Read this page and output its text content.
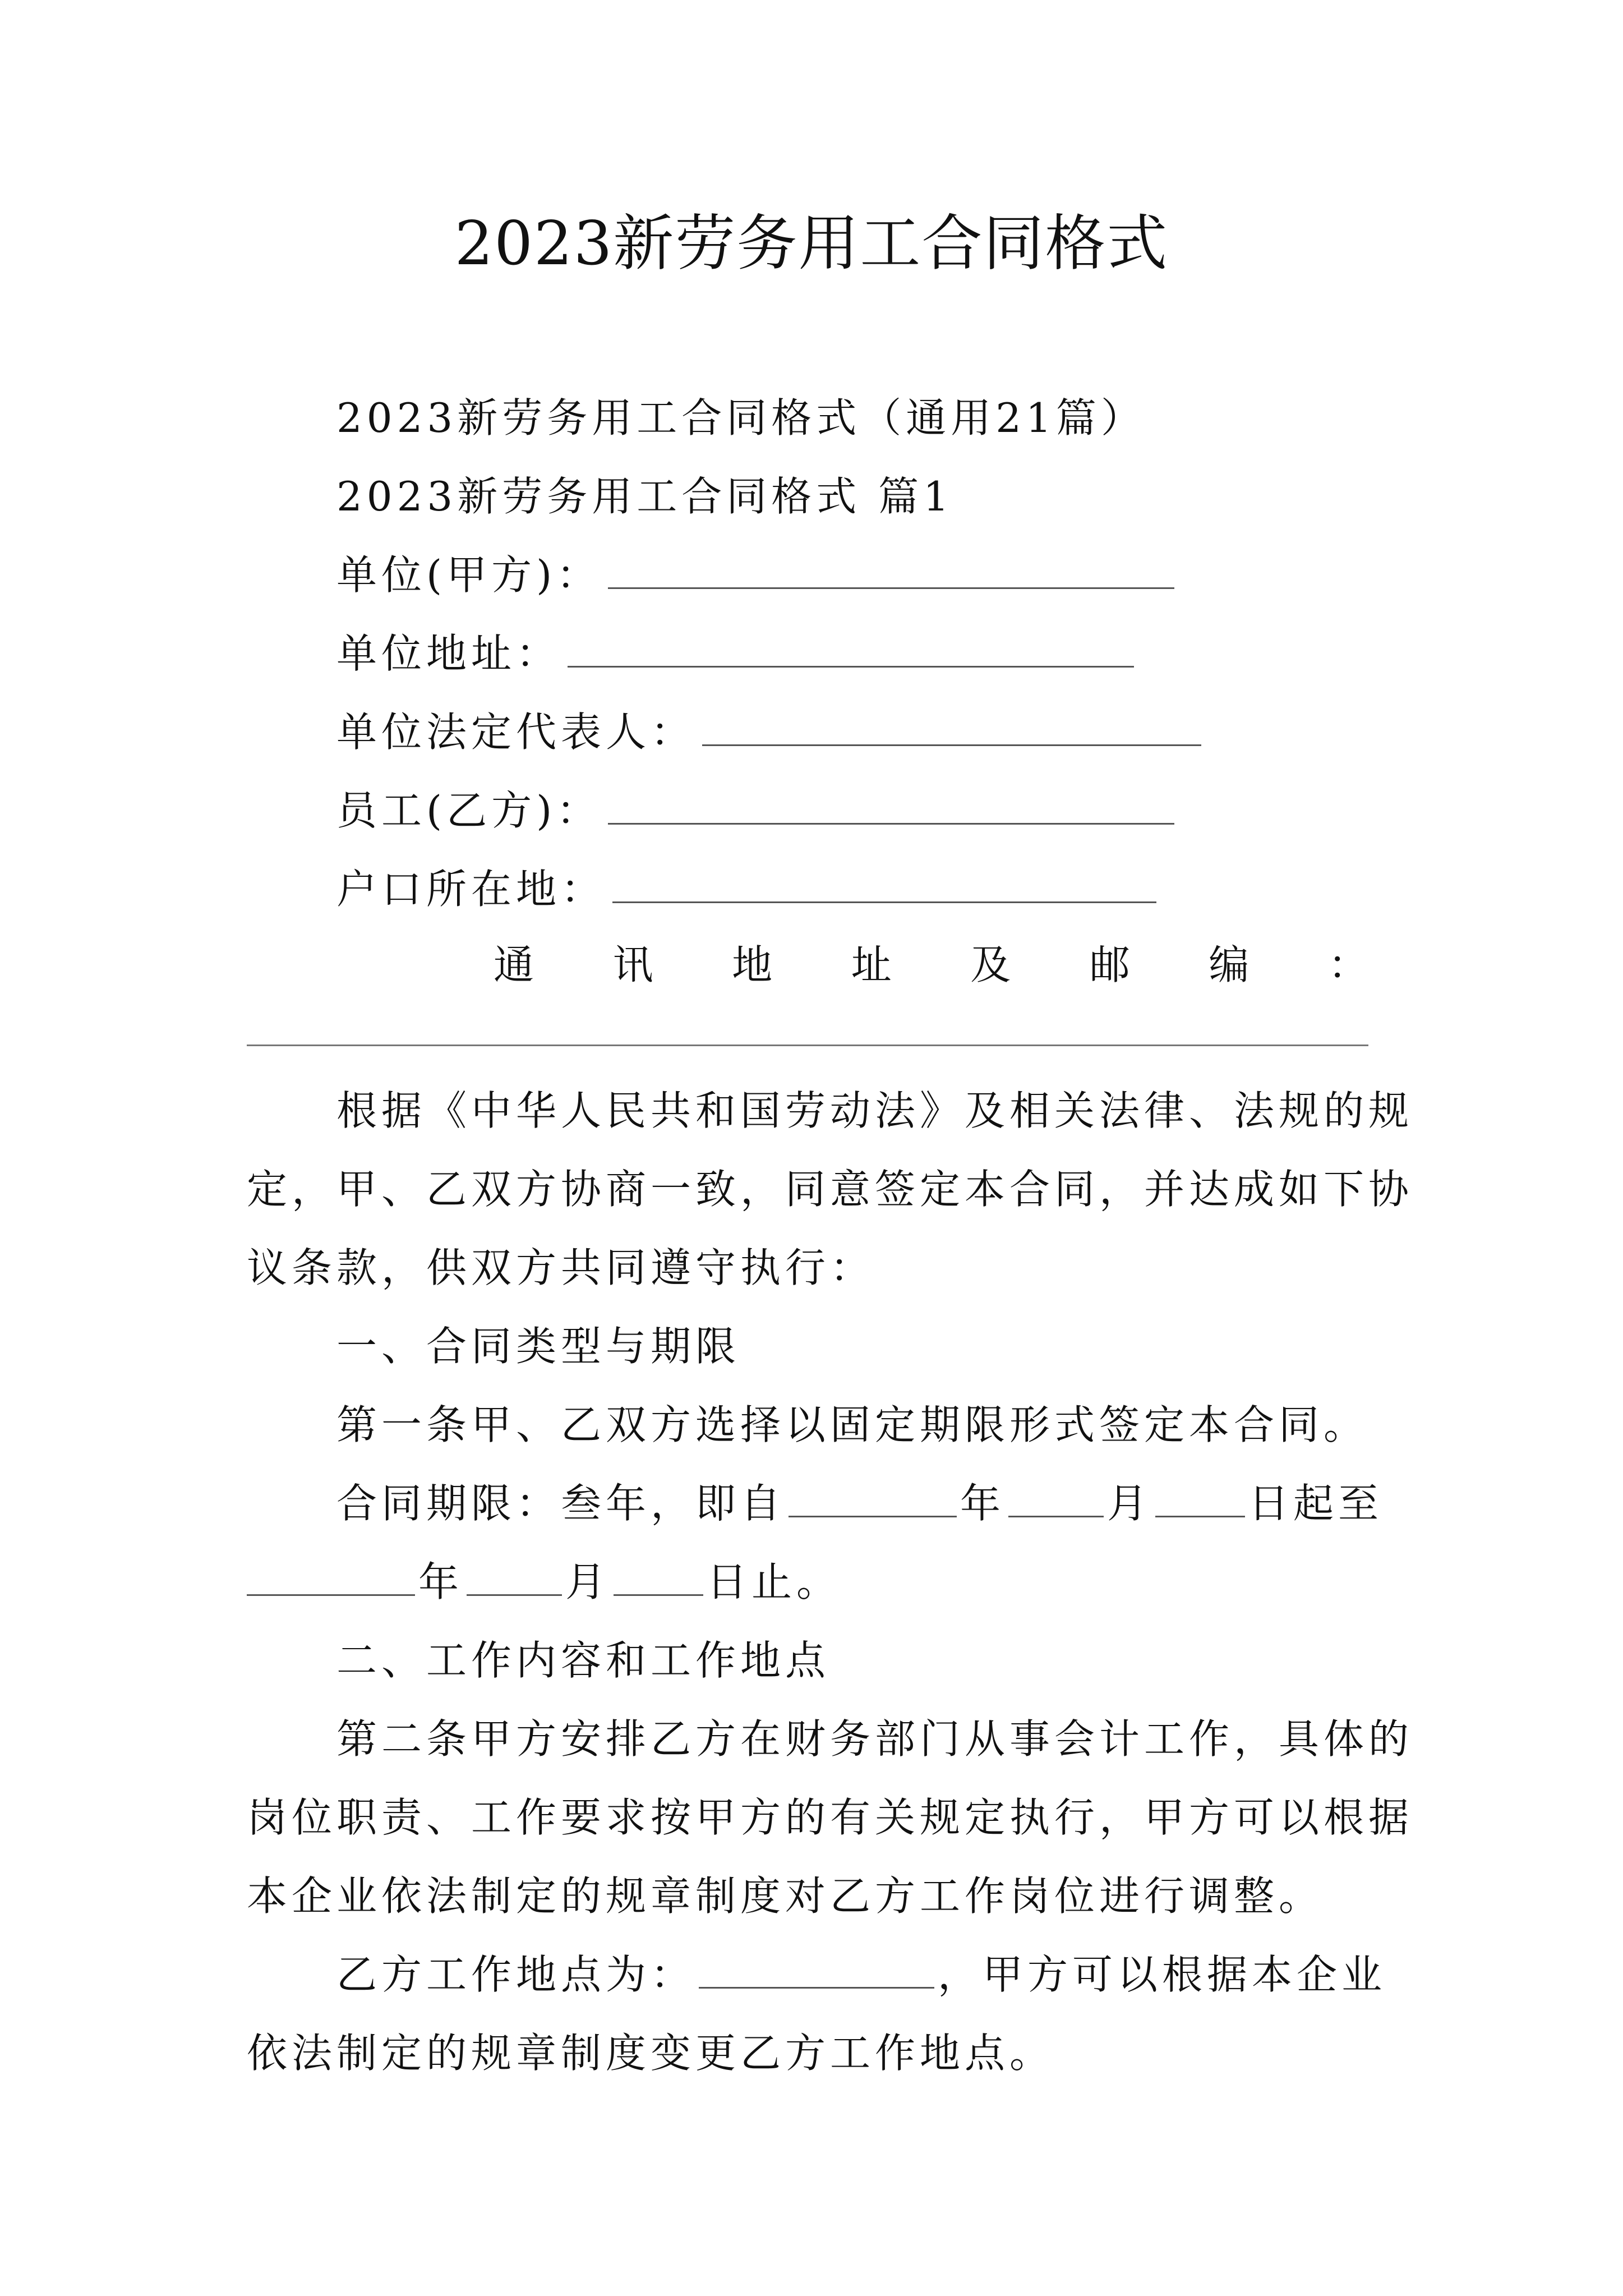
2023新劳务用工合同格式
2023新劳务用工合同格式（通用21篇）
2023新劳务用工合同格式 篇1
单位(甲方)：
单位地址：
单位法定代表人：
员工(乙方)：
户口所在地：
通 讯 地 址 及 邮 编 ：
根据《中华人民共和国劳动法》及相关法律、法规的规
定，甲、乙双方协商一致，同意签定本合同，并达成如下协
议条款，供双方共同遵守执行：
一、合同类型与期限
第一条甲、乙双方选择以固定期限形式签定本合同。
合同期限：叁年，即自	年	月 日起至
年	月 日止。
二、工作内容和工作地点
第二条甲方安排乙方在财务部门从事会计工作，具体的
岗位职责、工作要求按甲方的有关规定执行，甲方可以根据
本企业依法制定的规章制度对乙方工作岗位进行调整。
乙方工作地点为：	，甲方可以根据本企业
依法制定的规章制度变更乙方工作地点。
